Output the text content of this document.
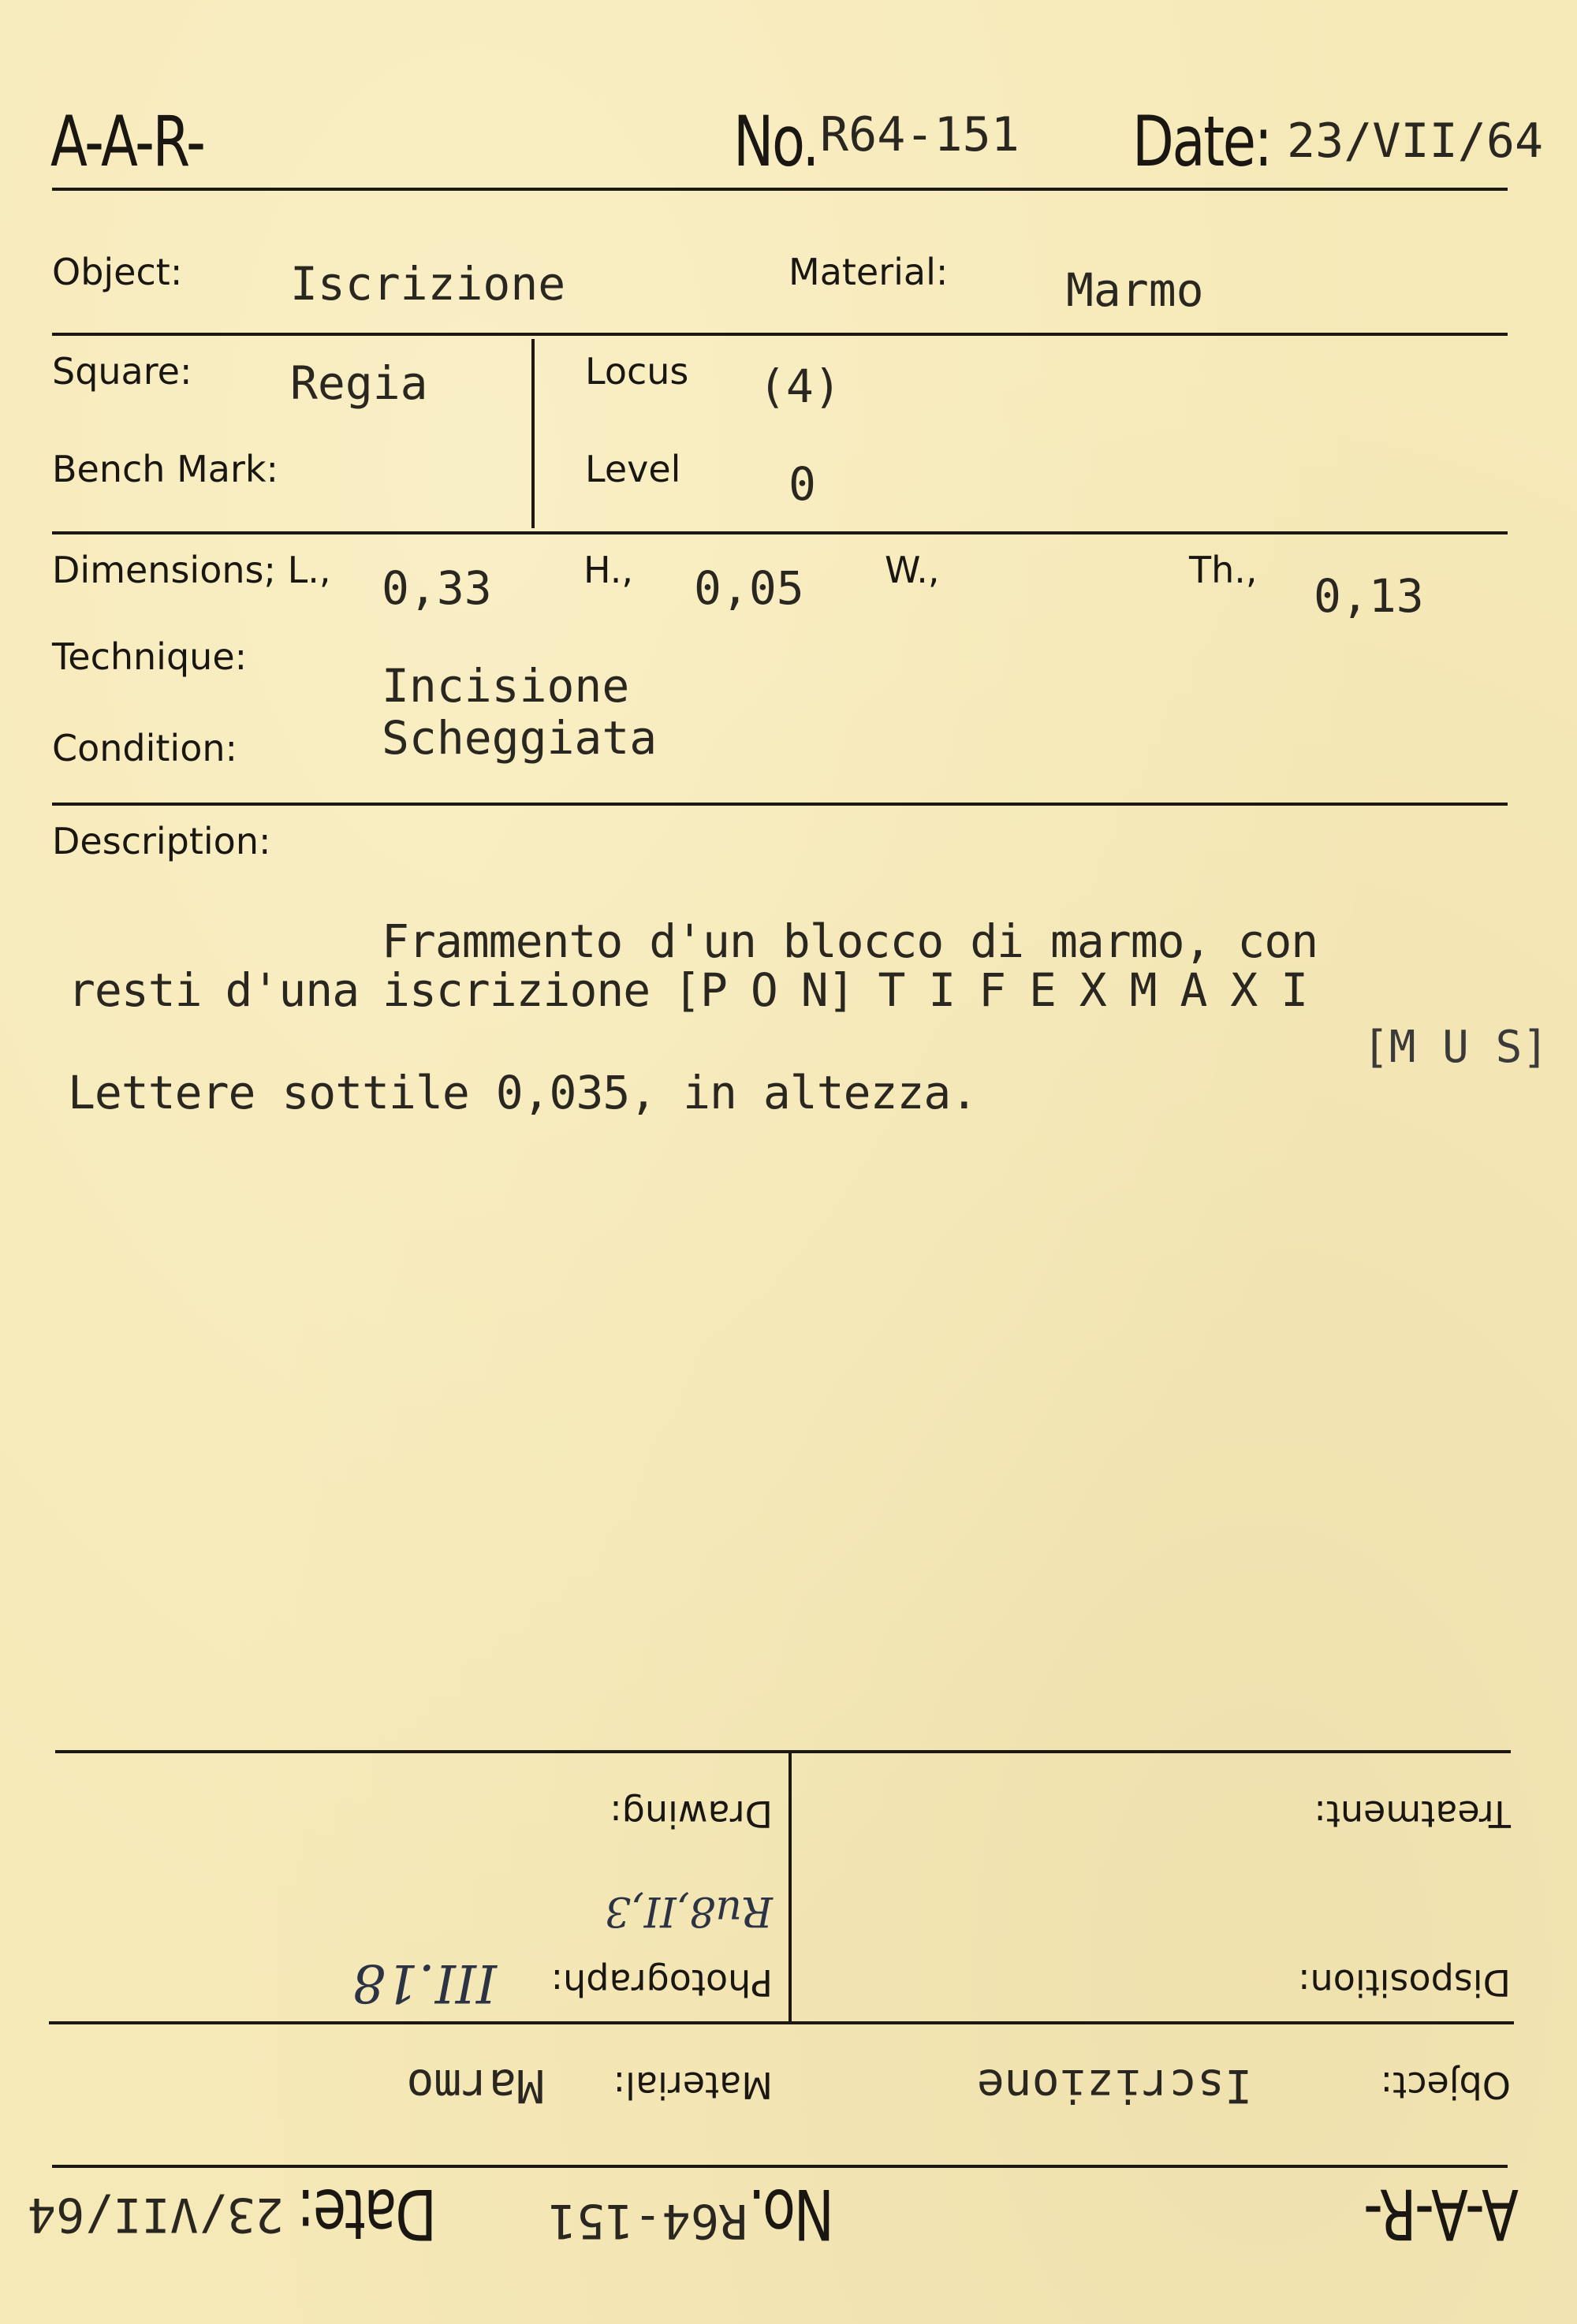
A-A-R-	No. R64-151 Date: 23/VII/64
Object: Iscrizione	Material:	Marmo
Square: Regia	Locus (4)
Bench Mark:	Level 0
Dimensions; L., 0,33	H., 0,05 W.,	Th., 0,13
Technique:
Incisione
Condition:	Scheggiata
Description:
Frammento d'un blocco di marmo, con
resti d'una iscrizione [P O N] T I F E X M A X I
[M U S]
Lettere sottile 0,035, in altezza.
A-A-R-
No.
R64-151
Date:
23/VII/64
Object:
Iscrizione
Material:
Marmo
Disposition:
Photograph:
III.18
Ru8,II,3
Treatment:
Drawing:
